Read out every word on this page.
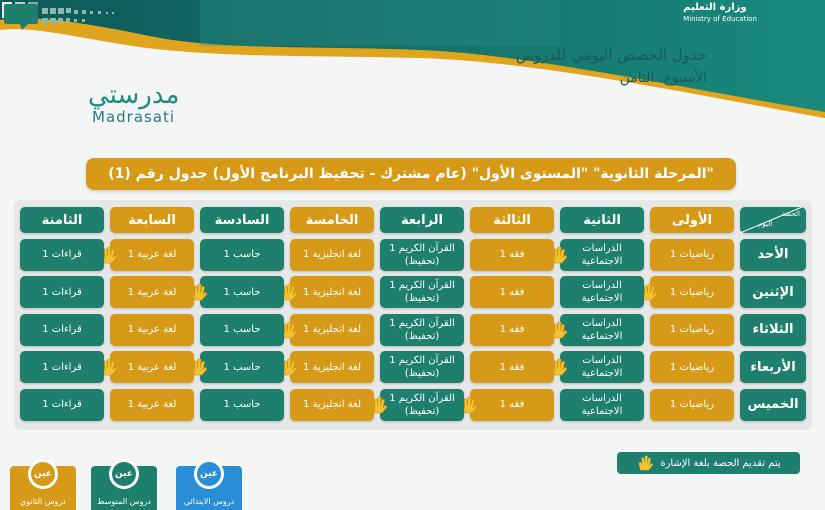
وزارة التعليم
Ministry of Education
جدول الحصص اليومي للدروس
الأسبوع: الثامن
مدرستي
Madrasati
"المرحلة الثانوية" "المستوى الأول" (عام مشترك - تحفيظ البرنامج الأول) جدول رقم (1)
الحصة
اليوم
الأولى
الثانية
الثالثة
الرابعة
الخامسة
السادسة
السابعة
الثامنة
الأحد
رياضيات 1
الدراسات الاجتماعية
فقه 1
القرآن الكريم 1 (تحفيظ)
لغة انجليزية 1
حاسب 1
لغة عربية 1
قراءات 1
الإثنين
رياضيات 1
الدراسات الاجتماعية
فقه 1
القرآن الكريم 1 (تحفيظ)
لغة انجليزية 1
حاسب 1
لغة عربية 1
قراءات 1
الثلاثاء
رياضيات 1
الدراسات الاجتماعية
فقه 1
القرآن الكريم 1 (تحفيظ)
لغة انجليزية 1
حاسب 1
لغة عربية 1
قراءات 1
الأربعاء
رياضيات 1
الدراسات الاجتماعية
فقه 1
القرآن الكريم 1 (تحفيظ)
لغة انجليزية 1
حاسب 1
لغة عربية 1
قراءات 1
الخميس
رياضيات 1
الدراسات الاجتماعية
فقه 1
القرآن الكريم 1 (تحفيظ)
لغة انجليزية 1
حاسب 1
لغة عربية 1
قراءات 1
يتم تقديم الحصة بلغة الإشارة
عين
دروس الابتدائي
عين
دروس المتوسط
عين
دروس الثانوي
